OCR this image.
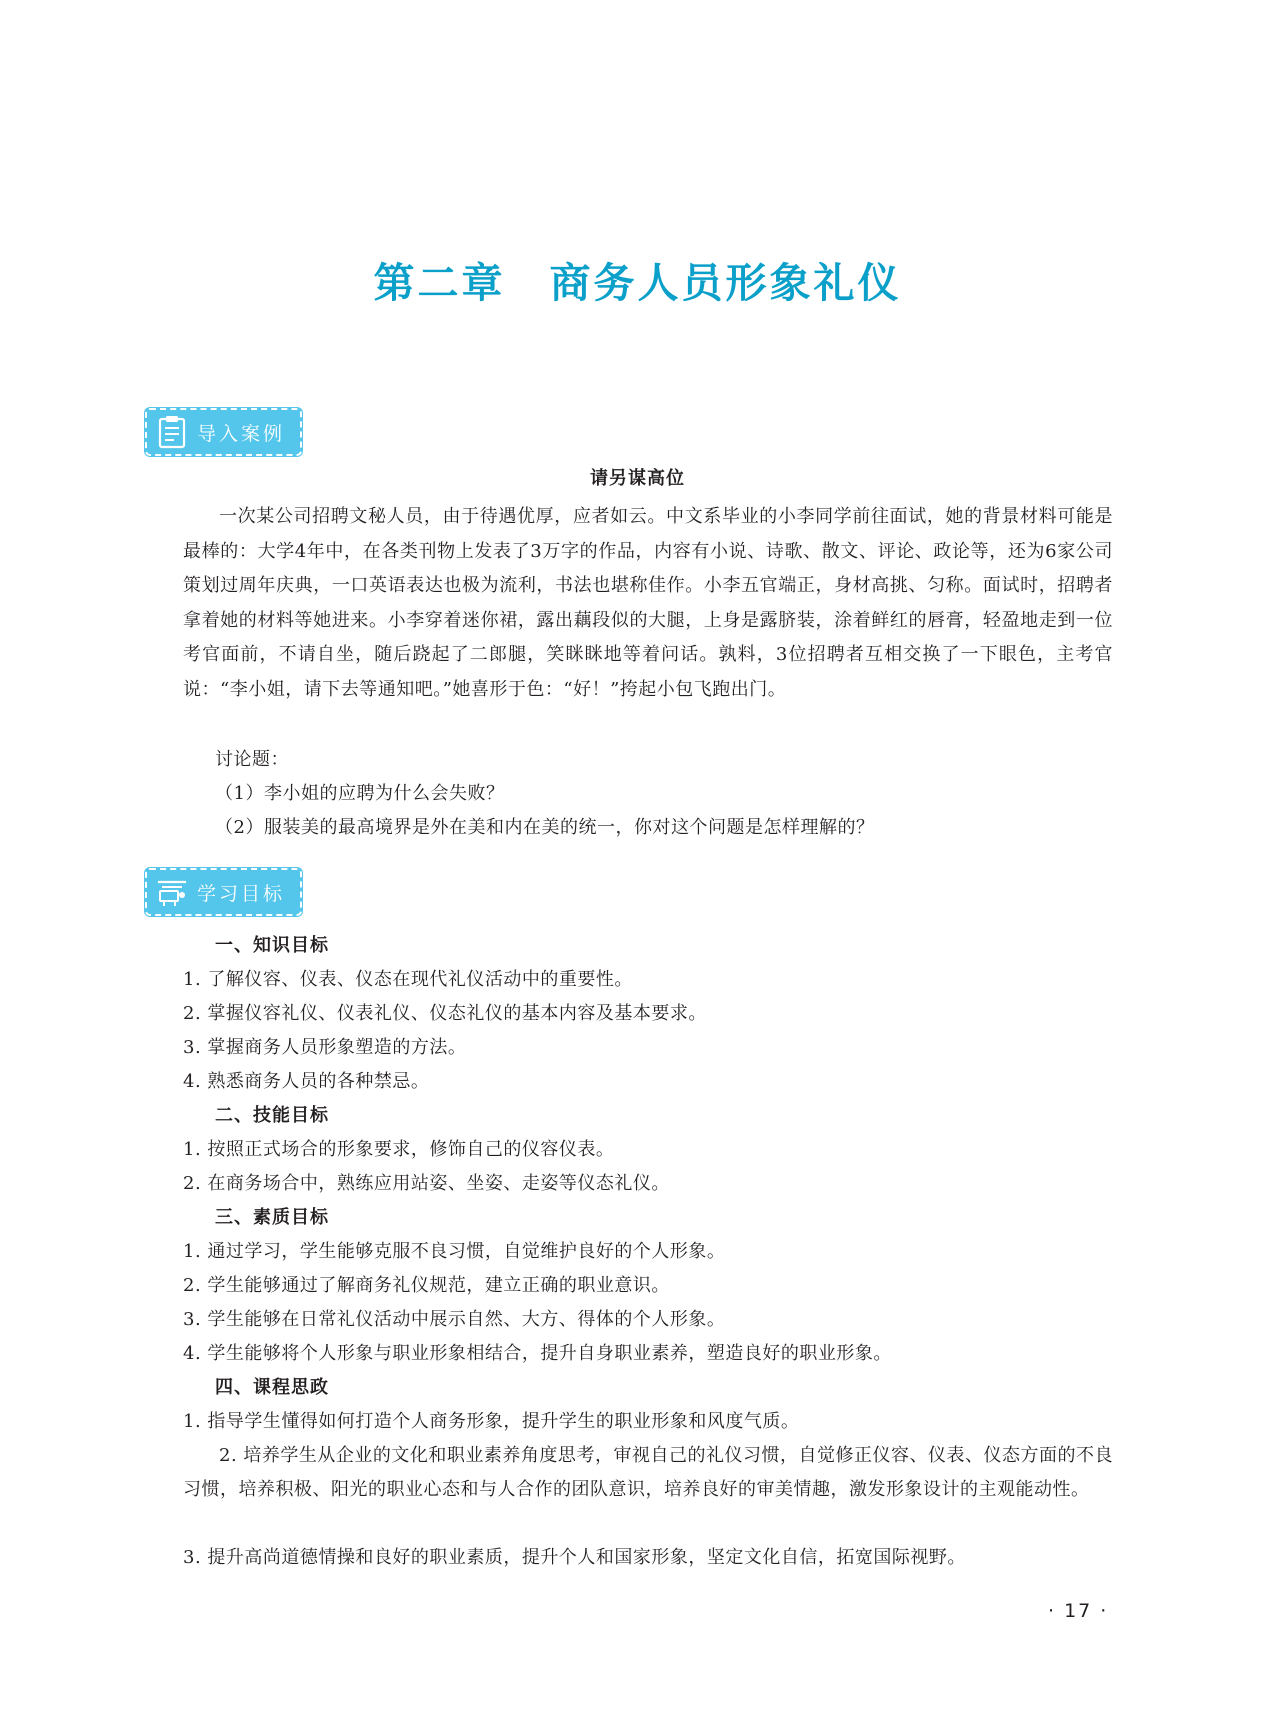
第二章　商务人员形象礼仪
导入案例
请另谋高位
一次某公司招聘文秘人员，由于待遇优厚，应者如云。中文系毕业的小李同学前往面试，她的背景材料可能是最棒的：大学4年中，在各类刊物上发表了3万字的作品，内容有小说、诗歌、散文、评论、政论等，还为6家公司策划过周年庆典，一口英语表达也极为流利，书法也堪称佳作。小李五官端正，身材高挑、匀称。面试时，招聘者拿着她的材料等她进来。小李穿着迷你裙，露出藕段似的大腿，上身是露脐装，涂着鲜红的唇膏，轻盈地走到一位考官面前，不请自坐，随后跷起了二郎腿，笑眯眯地等着问话。孰料，3位招聘者互相交换了一下眼色，主考官说：“李小姐，请下去等通知吧。”她喜形于色：“好！”挎起小包飞跑出门。
讨论题：
（1）李小姐的应聘为什么会失败？
（2）服装美的最高境界是外在美和内在美的统一，你对这个问题是怎样理解的？
学习目标
一、知识目标
1. 了解仪容、仪表、仪态在现代礼仪活动中的重要性。
2. 掌握仪容礼仪、仪表礼仪、仪态礼仪的基本内容及基本要求。
3. 掌握商务人员形象塑造的方法。
4. 熟悉商务人员的各种禁忌。
二、技能目标
1. 按照正式场合的形象要求，修饰自己的仪容仪表。
2. 在商务场合中，熟练应用站姿、坐姿、走姿等仪态礼仪。
三、素质目标
1. 通过学习，学生能够克服不良习惯，自觉维护良好的个人形象。
2. 学生能够通过了解商务礼仪规范，建立正确的职业意识。
3. 学生能够在日常礼仪活动中展示自然、大方、得体的个人形象。
4. 学生能够将个人形象与职业形象相结合，提升自身职业素养，塑造良好的职业形象。
四、课程思政
1. 指导学生懂得如何打造个人商务形象，提升学生的职业形象和风度气质。
2. 培养学生从企业的文化和职业素养角度思考，审视自己的礼仪习惯，自觉修正仪容、仪表、仪态方面的不良习惯，培养积极、阳光的职业心态和与人合作的团队意识，培养良好的审美情趣，激发形象设计的主观能动性。
3. 提升高尚道德情操和良好的职业素质，提升个人和国家形象，坚定文化自信，拓宽国际视野。
· 17 ·
